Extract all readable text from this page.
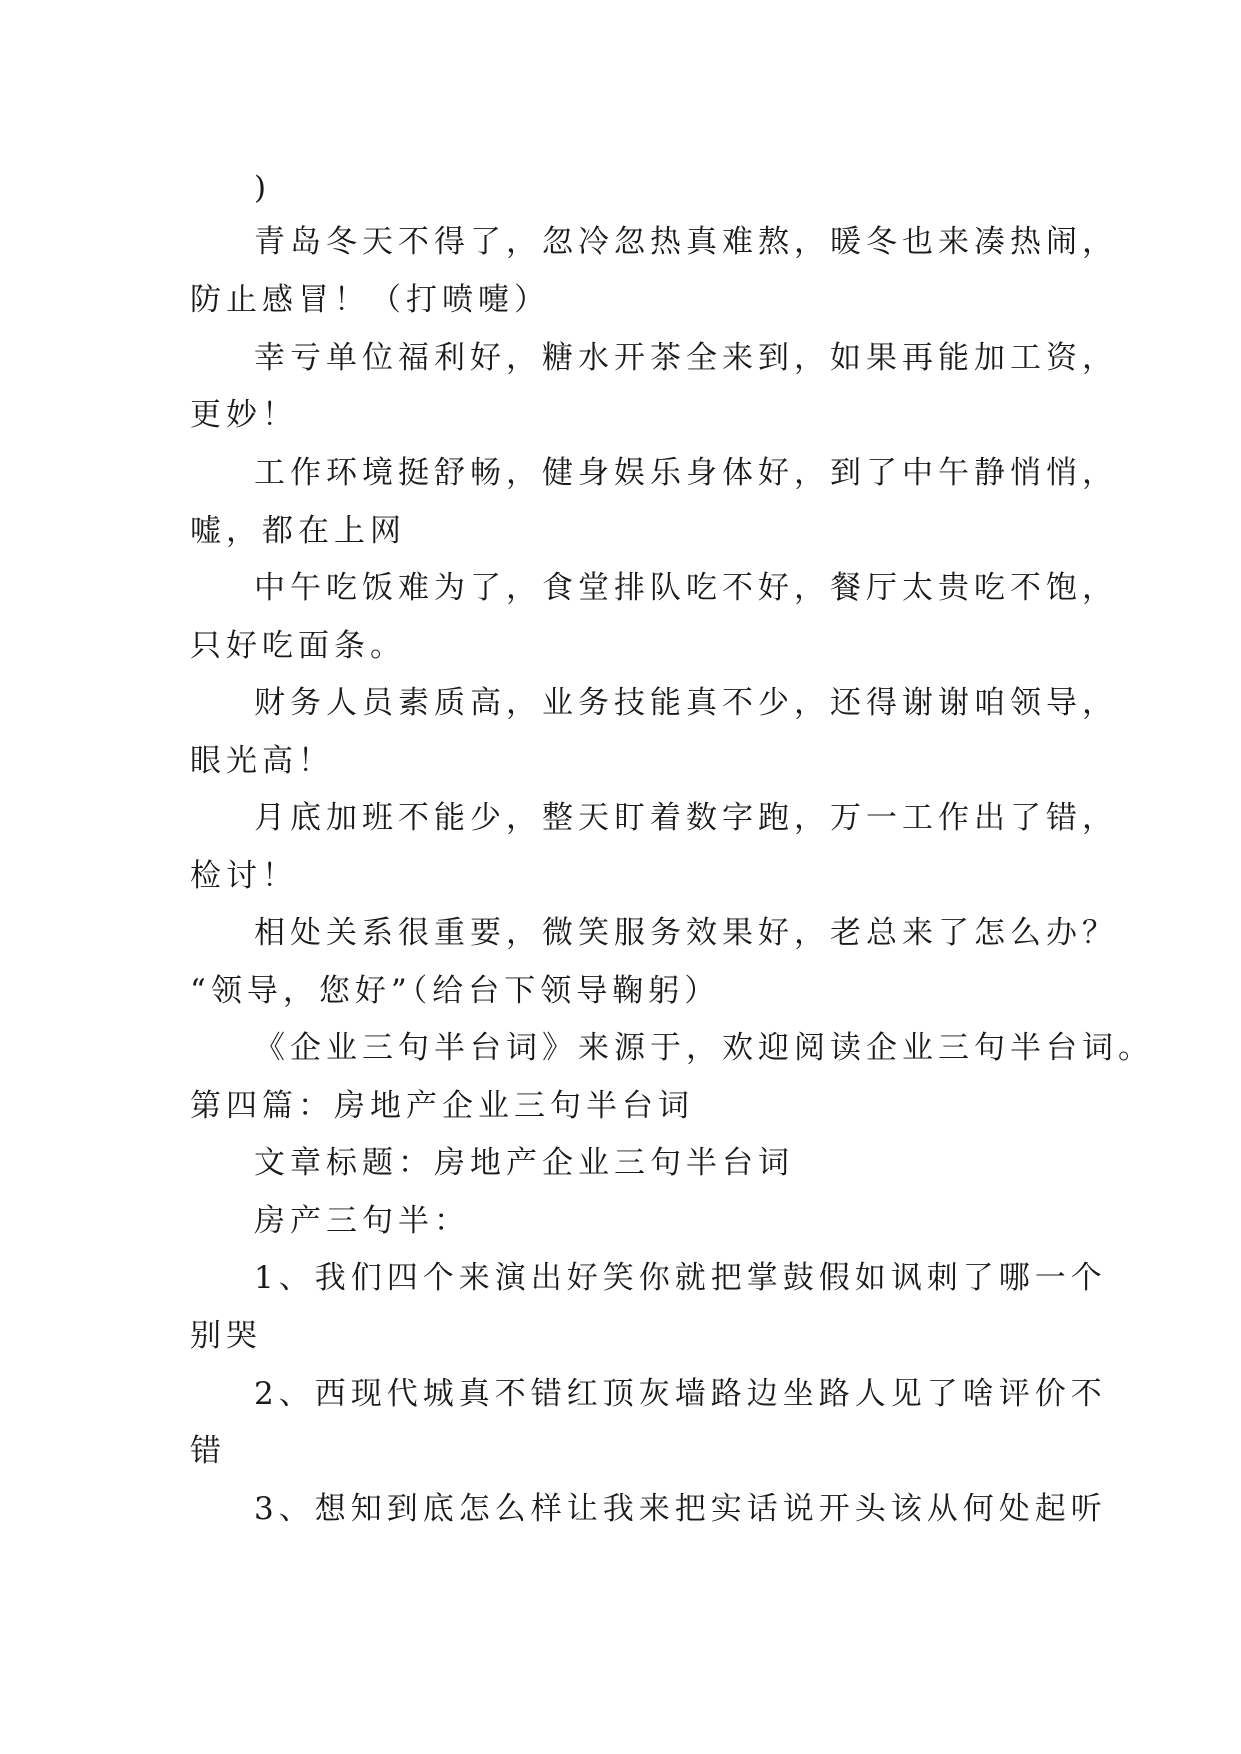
)
青岛冬天不得了，忽冷忽热真难熬，暖冬也来凑热闹，
防止感冒！（打喷嚏）
幸亏单位福利好，糖水开茶全来到，如果再能加工资，
更妙！
工作环境挺舒畅，健身娱乐身体好，到了中午静悄悄，
嘘，都在上网
中午吃饭难为了，食堂排队吃不好，餐厅太贵吃不饱，
只好吃面条。
财务人员素质高，业务技能真不少，还得谢谢咱领导，
眼光高！
月底加班不能少，整天盯着数字跑，万一工作出了错，
检讨！
相处关系很重要，微笑服务效果好，老总来了怎么办？
“领导，您好”（给台下领导鞠躬）
《企业三句半台词》来源于，欢迎阅读企业三句半台词。
第四篇：房地产企业三句半台词
文章标题：房地产企业三句半台词
房产三句半：
1、我们四个来演出好笑你就把掌鼓假如讽刺了哪一个
别哭
2、西现代城真不错红顶灰墙路边坐路人见了啥评价不
错
3、想知到底怎么样让我来把实话说开头该从何处起听
